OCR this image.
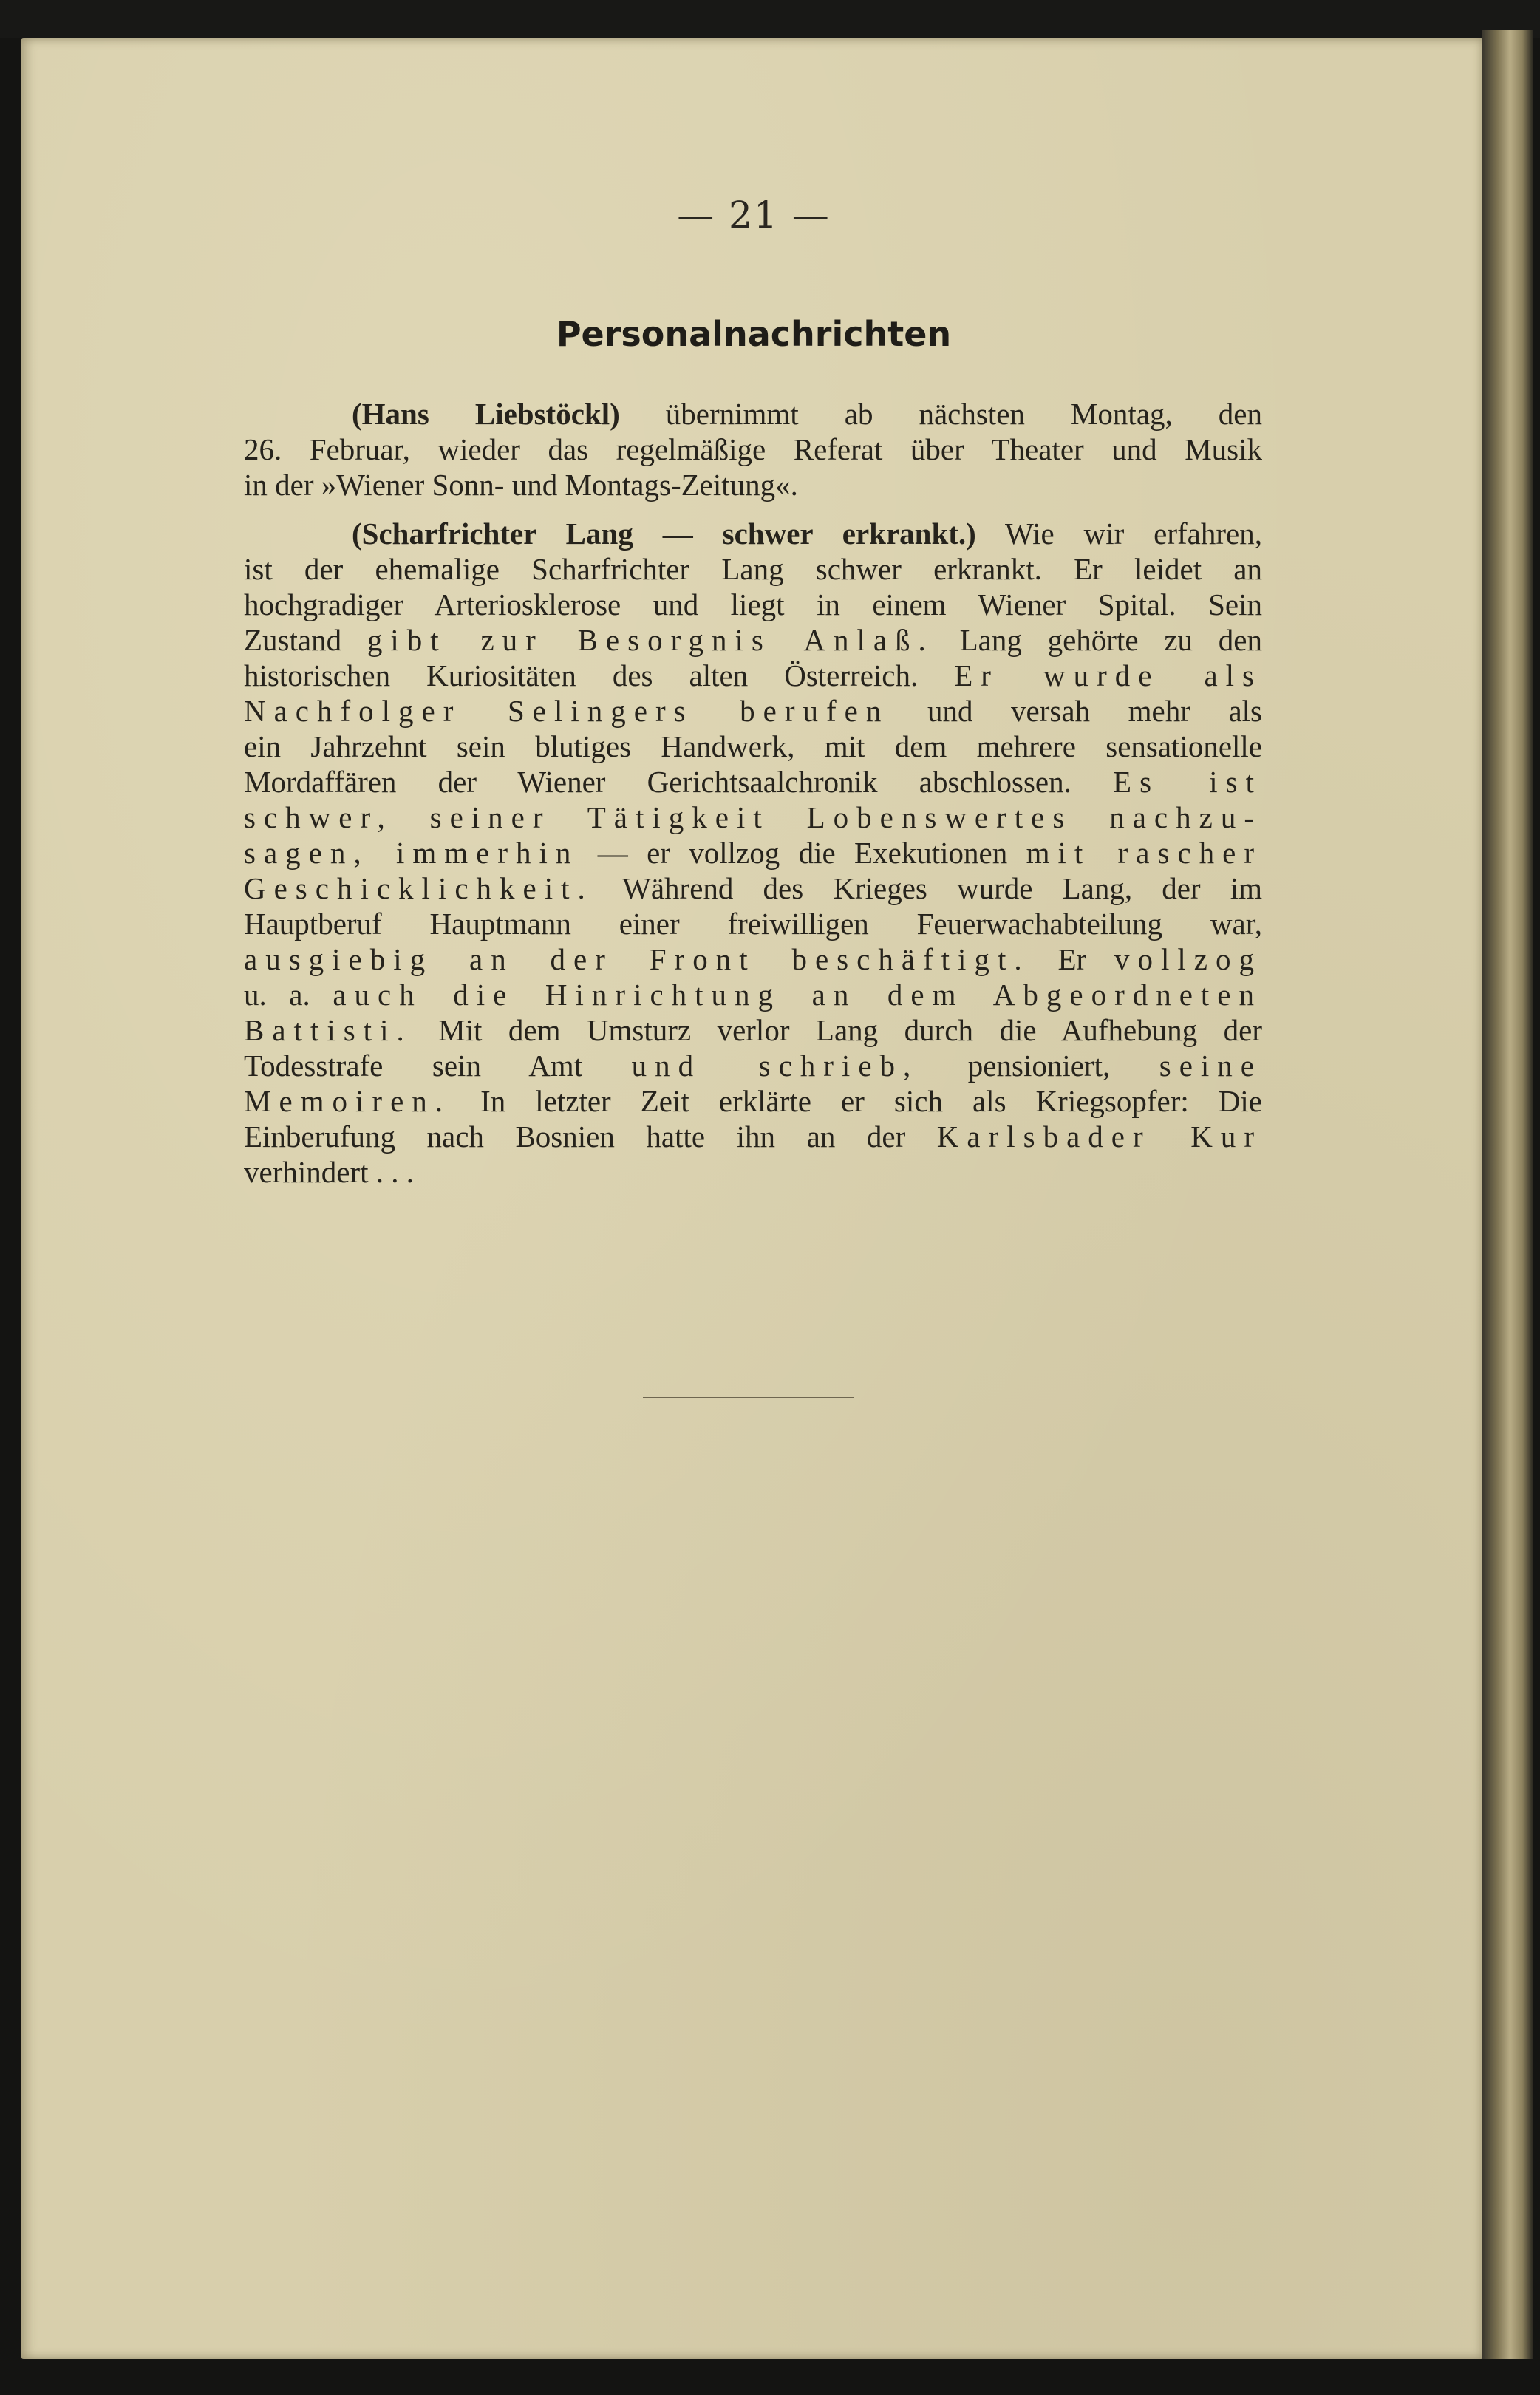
— 21 —
Personalnachrichten
(Hans Liebstöckl) übernimmt ab nächsten Montag, den
26. Februar, wieder das regelmäßige Referat über Theater und Musik
in der »Wiener Sonn- und Montags-Zeitung«.
(Scharfrichter Lang — schwer erkrankt.) Wie wir erfahren,
ist der ehemalige Scharfrichter Lang schwer erkrankt. Er leidet an
hochgradiger Arteriosklerose und liegt in einem Wiener Spital. Sein
Zustand gibt zur Besorgnis Anlaß. Lang gehörte zu den
historischen Kuriositäten des alten Österreich. Er wurde als
Nachfolger Selingers berufen und versah mehr als
ein Jahrzehnt sein blutiges Handwerk, mit dem mehrere sensationelle
Mordaffären der Wiener Gerichtsaalchronik abschlossen. Es ist
schwer, seiner Tätigkeit Lobenswertes nachzu-
sagen, immerhin — er vollzog die Exekutionen mit rascher
Geschicklichkeit. Während des Krieges wurde Lang, der im
Hauptberuf Hauptmann einer freiwilligen Feuerwachabteilung war,
ausgiebig an der Front beschäftigt. Er vollzog
u. a. auch die Hinrichtung an dem Abgeordneten
Battisti. Mit dem Umsturz verlor Lang durch die Aufhebung der
Todesstrafe sein Amt und schrieb, pensioniert, seine
Memoiren. In letzter Zeit erklärte er sich als Kriegsopfer: Die
Einberufung nach Bosnien hatte ihn an der Karlsbader Kur
verhindert . . .
